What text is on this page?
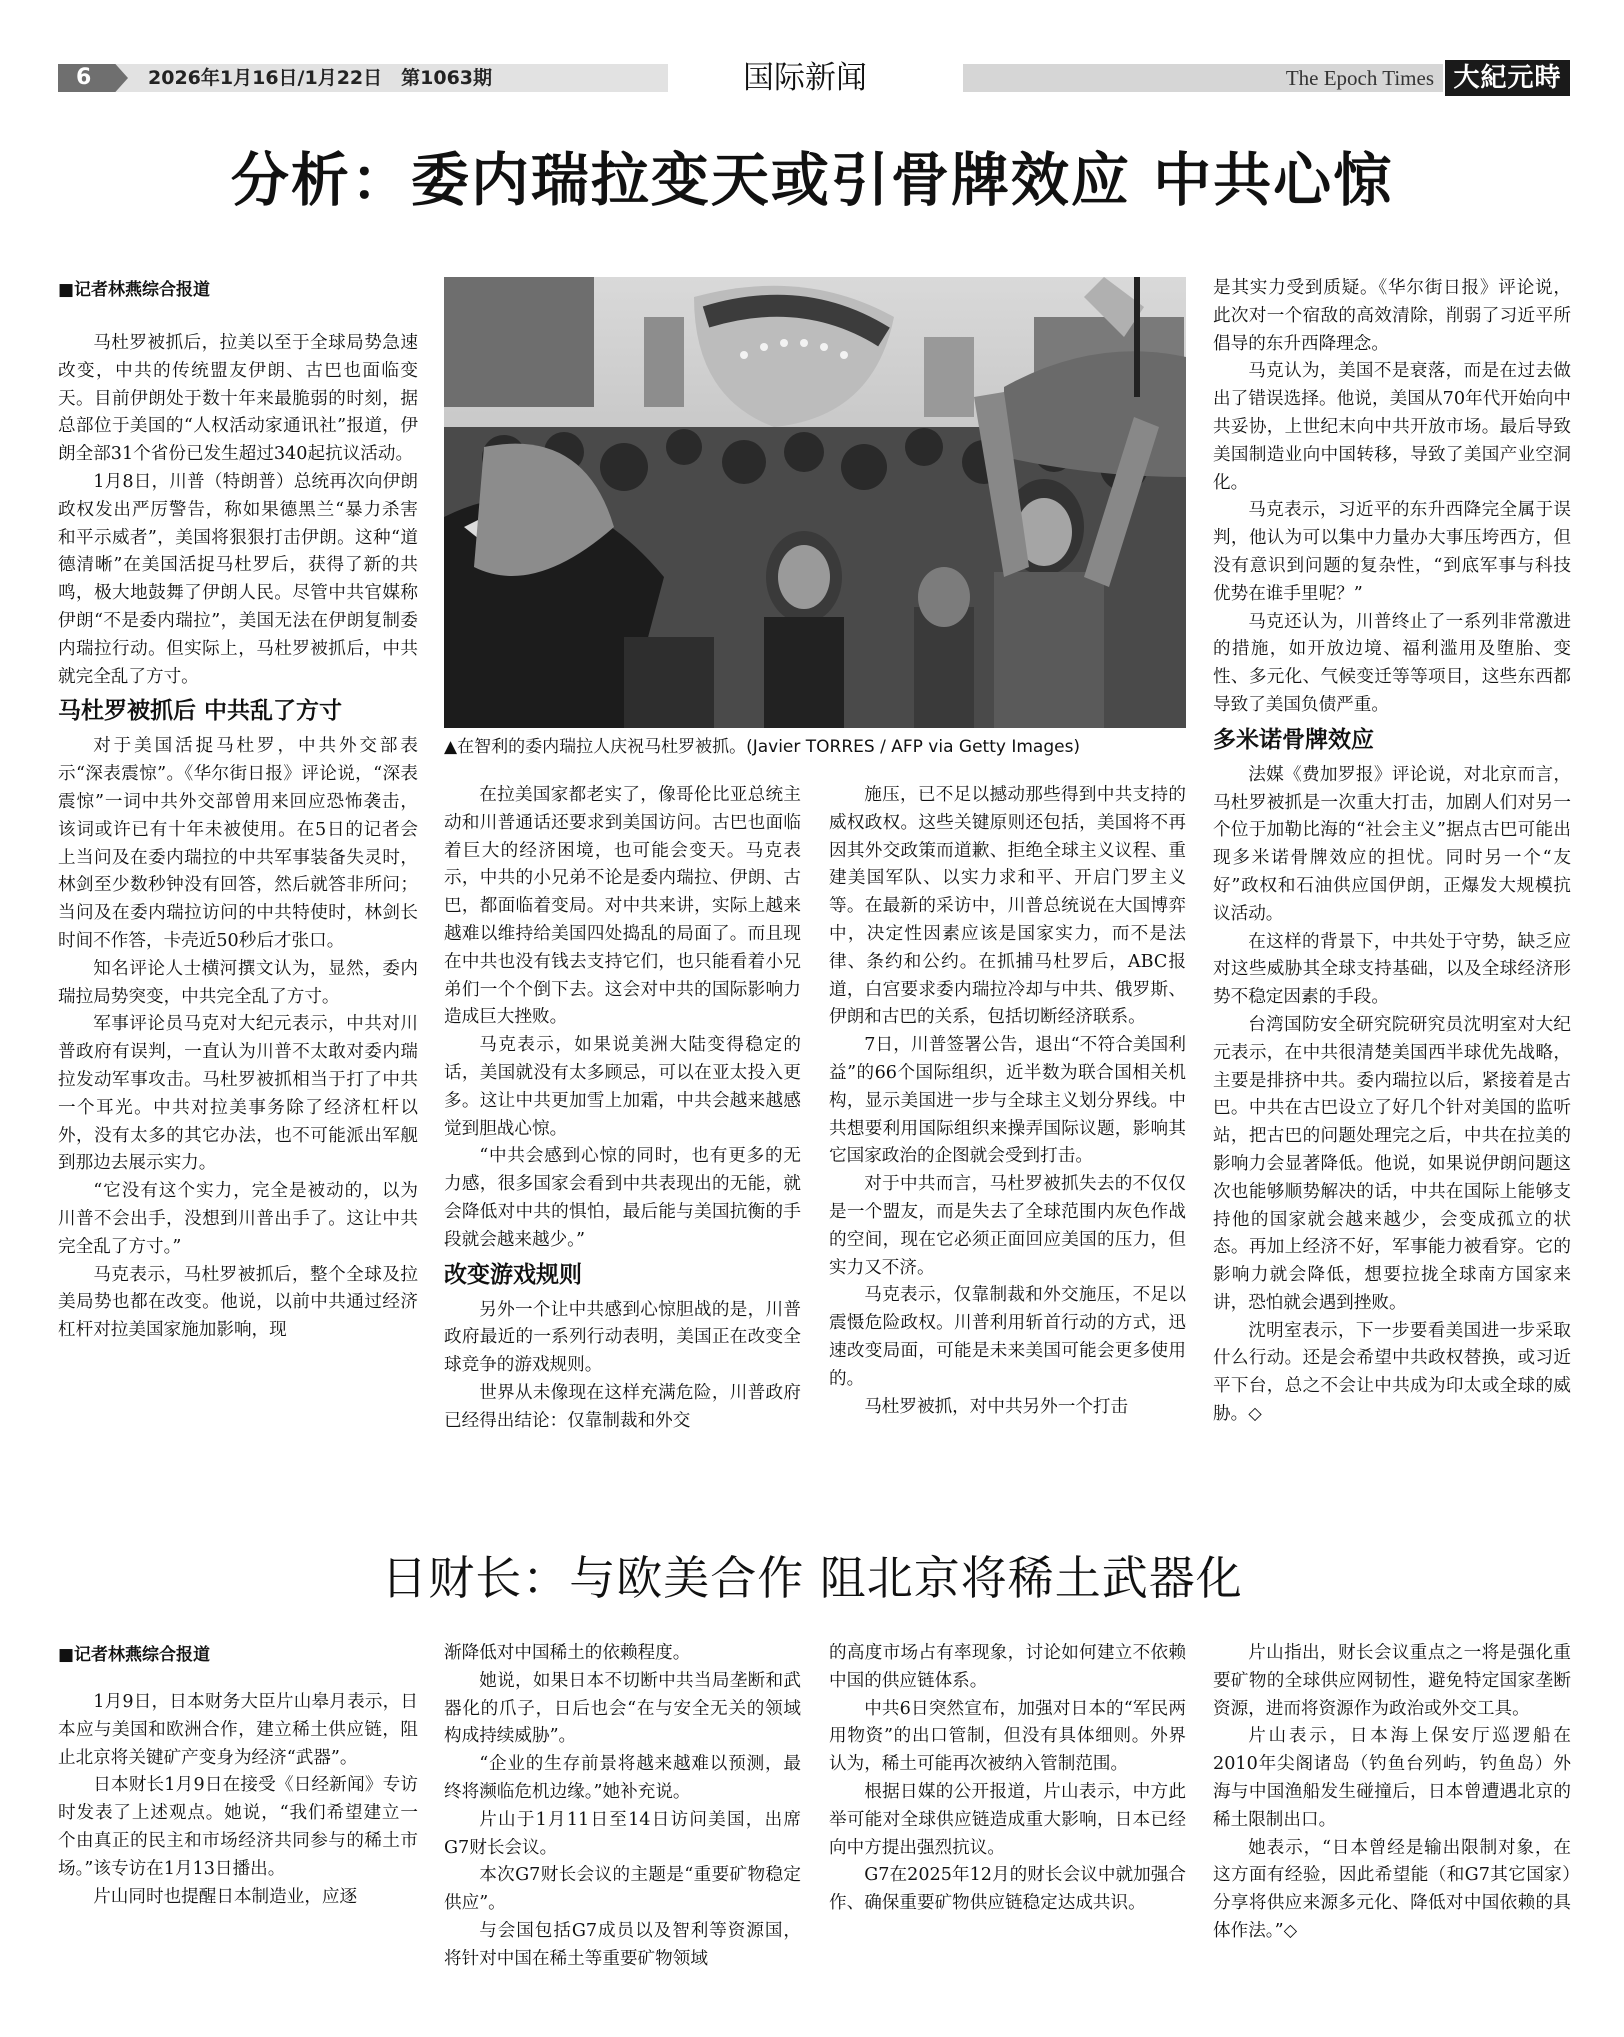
6	2026年1月16日/1月22日　第1063期	国际新闻	The Epoch Times 大紀元時報
分析：委内瑞拉变天或引骨牌效应 中共心惊

■记者林燕综合报道

马杜罗被抓后，拉美以至于全球局势急速改变，中共的传统盟友伊朗、古巴也面临变天。目前伊朗处于数十年来最脆弱的时刻，据总部位于美国的“人权活动家通讯社”报道，伊朗全部31个省份已发生超过340起抗议活动。

1月8日，川普（特朗普）总统再次向伊朗政权发出严厉警告，称如果德黑兰“暴力杀害和平示威者”，美国将狠狠打击伊朗。这种“道德清晰”在美国活捉马杜罗后，获得了新的共鸣，极大地鼓舞了伊朗人民。尽管中共官媒称伊朗“不是委内瑞拉”，美国无法在伊朗复制委内瑞拉行动。但实际上，马杜罗被抓后，中共就完全乱了方寸。

马杜罗被抓后 中共乱了方寸

对于美国活捉马杜罗，中共外交部表示“深表震惊”。《华尔街日报》评论说，“深表震惊”一词中共外交部曾用来回应恐怖袭击，该词或许已有十年未被使用。在5日的记者会上当问及在委内瑞拉的中共军事装备失灵时，林剑至少数秒钟没有回答，然后就答非所问；当问及在委内瑞拉访问的中共特使时，林剑长时间不作答，卡壳近50秒后才张口。

知名评论人士横河撰文认为，显然，委内瑞拉局势突变，中共完全乱了方寸。

军事评论员马克对大纪元表示，中共对川普政府有误判，一直认为川普不太敢对委内瑞拉发动军事攻击。马杜罗被抓相当于打了中共一个耳光。中共对拉美事务除了经济杠杆以外，没有太多的其它办法，也不可能派出军舰到那边去展示实力。

“它没有这个实力，完全是被动的，以为川普不会出手，没想到川普出手了。这让中共完全乱了方寸。”

马克表示，马杜罗被抓后，整个全球及拉美局势也都在改变。他说，以前中共通过经济杠杆对拉美国家施加影响，现

▲在智利的委内瑞拉人庆祝马杜罗被抓。(Javier TORRES / AFP via Getty Images)

在拉美国家都老实了，像哥伦比亚总统主动和川普通话还要求到美国访问。古巴也面临着巨大的经济困境，也可能会变天。马克表示，中共的小兄弟不论是委内瑞拉、伊朗、古巴，都面临着变局。对中共来讲，实际上越来越难以维持给美国四处捣乱的局面了。而且现在中共也没有钱去支持它们，也只能看着小兄弟们一个个倒下去。这会对中共的国际影响力造成巨大挫败。

马克表示，如果说美洲大陆变得稳定的话，美国就没有太多顾忌，可以在亚太投入更多。这让中共更加雪上加霜，中共会越来越感觉到胆战心惊。

“中共会感到心惊的同时，也有更多的无力感，很多国家会看到中共表现出的无能，就会降低对中共的惧怕，最后能与美国抗衡的手段就会越来越少。”

改变游戏规则

另外一个让中共感到心惊胆战的是，川普政府最近的一系列行动表明，美国正在改变全球竞争的游戏规则。

世界从未像现在这样充满危险，川普政府已经得出结论：仅靠制裁和外交

施压，已不足以撼动那些得到中共支持的威权政权。这些关键原则还包括，美国将不再因其外交政策而道歉、拒绝全球主义议程、重建美国军队、以实力求和平、开启门罗主义等。在最新的采访中，川普总统说在大国博弈中，决定性因素应该是国家实力，而不是法律、条约和公约。在抓捕马杜罗后，ABC报道，白宫要求委内瑞拉冷却与中共、俄罗斯、伊朗和古巴的关系，包括切断经济联系。

7日，川普签署公告，退出“不符合美国利益”的66个国际组织，近半数为联合国相关机构，显示美国进一步与全球主义划分界线。中共想要利用国际组织来操弄国际议题，影响其它国家政治的企图就会受到打击。

对于中共而言，马杜罗被抓失去的不仅仅是一个盟友，而是失去了全球范围内灰色作战的空间，现在它必须正面回应美国的压力，但实力又不济。

马克表示，仅靠制裁和外交施压，不足以震慑危险政权。川普利用斩首行动的方式，迅速改变局面，可能是未来美国可能会更多使用的。

马杜罗被抓，对中共另外一个打击

是其实力受到质疑。《华尔街日报》评论说，此次对一个宿敌的高效清除，削弱了习近平所倡导的东升西降理念。

马克认为，美国不是衰落，而是在过去做出了错误选择。他说，美国从70年代开始向中共妥协，上世纪末向中共开放市场。最后导致美国制造业向中国转移，导致了美国产业空洞化。

马克表示，习近平的东升西降完全属于误判，他认为可以集中力量办大事压垮西方，但没有意识到问题的复杂性，“到底军事与科技优势在谁手里呢？”

马克还认为，川普终止了一系列非常激进的措施，如开放边境、福利滥用及堕胎、变性、多元化、气候变迁等等项目，这些东西都导致了美国负债严重。

多米诺骨牌效应

法媒《费加罗报》评论说，对北京而言，马杜罗被抓是一次重大打击，加剧人们对另一个位于加勒比海的“社会主义”据点古巴可能出现多米诺骨牌效应的担忧。同时另一个“友好”政权和石油供应国伊朗，正爆发大规模抗议活动。

在这样的背景下，中共处于守势，缺乏应对这些威胁其全球支持基础，以及全球经济形势不稳定因素的手段。

台湾国防安全研究院研究员沈明室对大纪元表示，在中共很清楚美国西半球优先战略，主要是排挤中共。委内瑞拉以后，紧接着是古巴。中共在古巴设立了好几个针对美国的监听站，把古巴的问题处理完之后，中共在拉美的影响力会显著降低。他说，如果说伊朗问题这次也能够顺势解决的话，中共在国际上能够支持他的国家就会越来越少，会变成孤立的状态。再加上经济不好，军事能力被看穿。它的影响力就会降低，想要拉拢全球南方国家来讲，恐怕就会遇到挫败。

沈明室表示，下一步要看美国进一步采取什么行动。还是会希望中共政权替换，或习近平下台，总之不会让中共成为印太或全球的威胁。◇

日财长：与欧美合作 阻北京将稀土武器化

■记者林燕综合报道

1月9日，日本财务大臣片山皋月表示，日本应与美国和欧洲合作，建立稀土供应链，阻止北京将关键矿产变身为经济“武器”。

日本财长1月9日在接受《日经新闻》专访时发表了上述观点。她说，“我们希望建立一个由真正的民主和市场经济共同参与的稀土市场。”该专访在1月13日播出。

片山同时也提醒日本制造业，应逐

渐降低对中国稀土的依赖程度。

她说，如果日本不切断中共当局垄断和武器化的爪子，日后也会“在与安全无关的领域构成持续威胁”。

“企业的生存前景将越来越难以预测，最终将濒临危机边缘。”她补充说。

片山于1月11日至14日访问美国，出席G7财长会议。

本次G7财长会议的主题是“重要矿物稳定供应”。

与会国包括G7成员以及智利等资源国，将针对中国在稀土等重要矿物领域

的高度市场占有率现象，讨论如何建立不依赖中国的供应链体系。

中共6日突然宣布，加强对日本的“军民两用物资”的出口管制，但没有具体细则。外界认为，稀土可能再次被纳入管制范围。

根据日媒的公开报道，片山表示，中方此举可能对全球供应链造成重大影响，日本已经向中方提出强烈抗议。

G7在2025年12月的财长会议中就加强合作、确保重要矿物供应链稳定达成共识。

片山指出，财长会议重点之一将是强化重要矿物的全球供应网韧性，避免特定国家垄断资源，进而将资源作为政治或外交工具。

片山表示，日本海上保安厅巡逻船在2010年尖阁诸岛（钓鱼台列屿，钓鱼岛）外海与中国渔船发生碰撞后，日本曾遭遇北京的稀土限制出口。

她表示，“日本曾经是输出限制对象，在这方面有经验，因此希望能（和G7其它国家）分享将供应来源多元化、降低对中国依赖的具体作法。”◇
